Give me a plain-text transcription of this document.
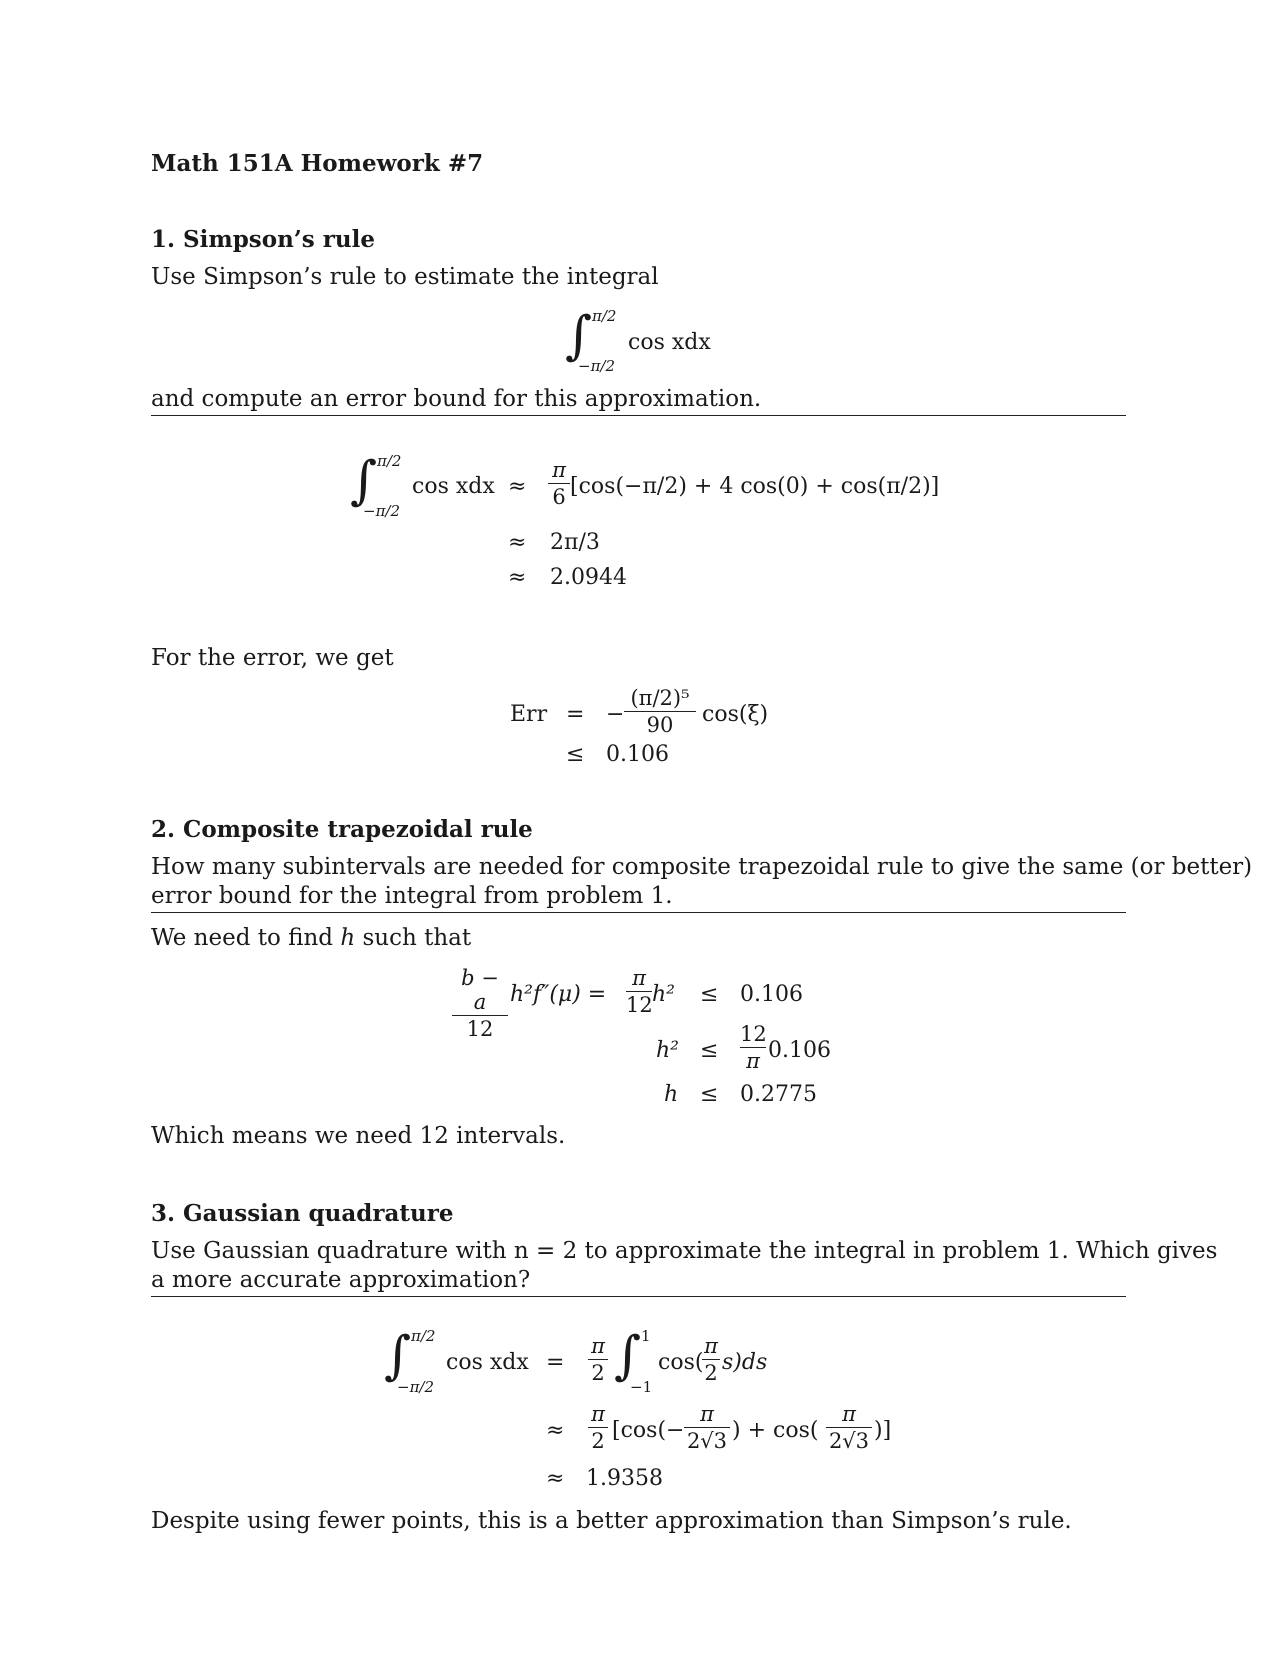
Math 151A Homework #7
1. Simpson’s rule
Use Simpson’s rule to estimate the integral
∫ π/2
−π/2
cos xdx
and compute an error bound for this approximation.
∫ π/2
−π/2
cos xdx ≈
π
6 [cos(−π/2) + 4 cos(0) + cos(π/2)]
≈ 2π/3
≈ 2.0944
For the error, we get
Err = −
(π/2)⁵
90	cos(ξ)
≤ 0.106
2. Composite trapezoidal rule
How many subintervals are needed for composite trapezoidal rule to give the same (or better)
error bound for the integral from problem 1.
We need to find h such that
b − a
12
h²f″(μ) =
π
12 h² ≤ 0.106
h² ≤
12
π 0.106
h ≤ 0.2775
Which means we need 12 intervals.
3. Gaussian quadrature
Use Gaussian quadrature with n = 2 to approximate the integral in problem 1. Which gives
a more accurate approximation?
∫ π/2
−π/2
cos xdx =
π
2 ∫ 1
−1
cos(
π
2 s)ds
≈
π
2 [cos(−
π
2√3 ) + cos(
π
2√3 )]
≈ 1.9358
Despite using fewer points, this is a better approximation than Simpson’s rule.
